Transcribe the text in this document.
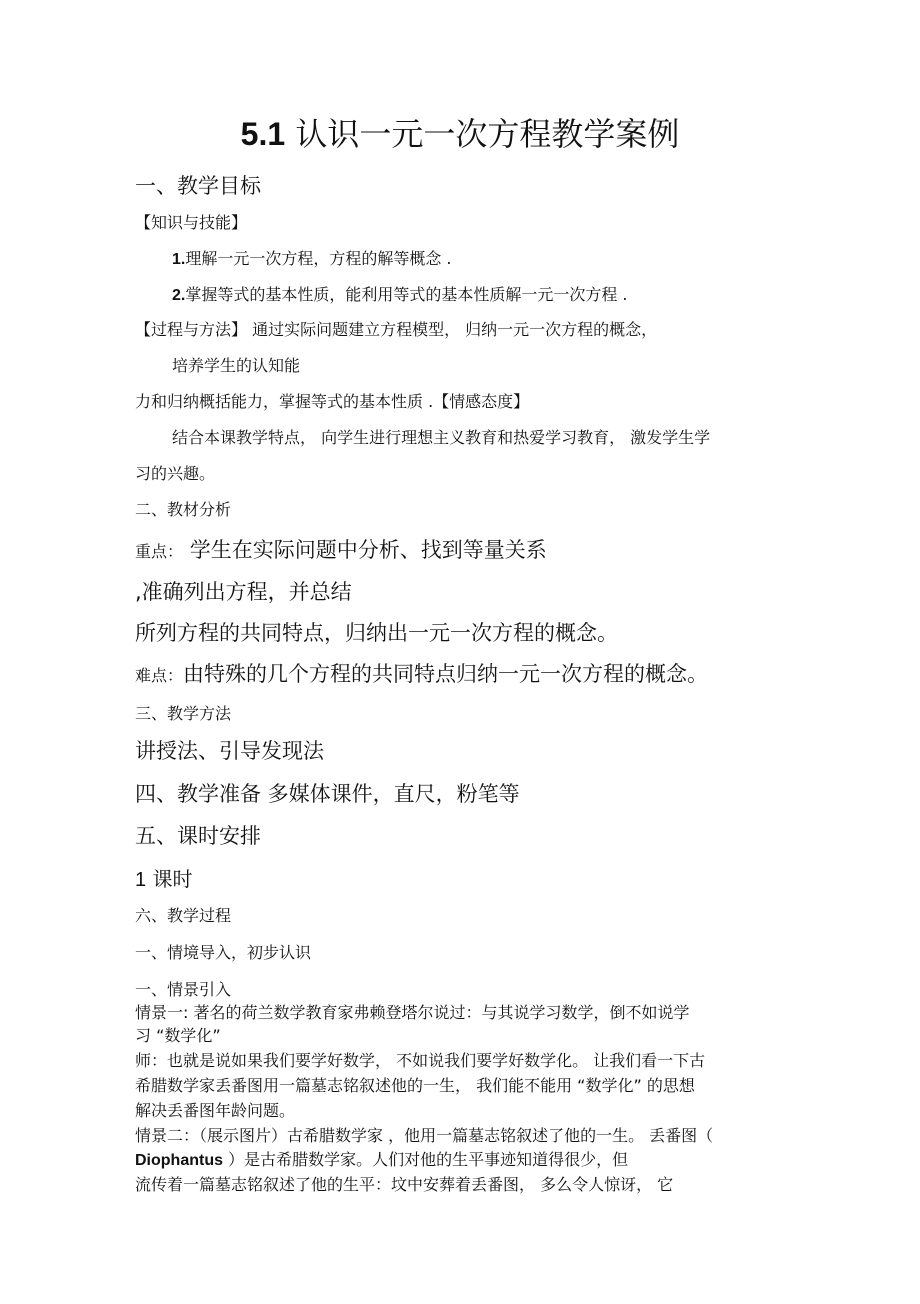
5.1 认识一元一次方程教学案例
一、教学目标
【知识与技能】
1.理解一元一次方程，方程的解等概念 .
2.掌握等式的基本性质，能利用等式的基本性质解一元一次方程 .
【过程与方法】 通过实际问题建立方程模型， 归纳一元一次方程的概念，
培养学生的认知能
力和归纳概括能力，掌握等式的基本性质 .【情感态度】
结合本课教学特点， 向学生进行理想主义教育和热爱学习教育， 激发学生学
习的兴趣。
二、教材分析
重点： 学生在实际问题中分析、找到等量关系
,准确列出方程，并总结
所列方程的共同特点，归纳出一元一次方程的概念。
难点：由特殊的几个方程的共同特点归纳一元一次方程的概念。
三、教学方法
讲授法、引导发现法
四、教学准备 多媒体课件，直尺，粉笔等
五、课时安排
1 课时
六、教学过程
一、情境导入，初步认识
一、情景引入
情景一: 著名的荷兰数学教育家弗赖登塔尔说过：与其说学习数学，倒不如说学
习 “数学化”
师：也就是说如果我们要学好数学， 不如说我们要学好数学化。 让我们看一下古
希腊数学家丢番图用一篇墓志铭叙述他的一生， 我们能不能用 “数学化” 的思想
解决丢番图年龄问题。
情景二：（展示图片）古希腊数学家 ，他用一篇墓志铭叙述了他的一生。 丢番图（
Diophantus ）是古希腊数学家。人们对他的生平事迹知道得很少，但
流传着一篇墓志铭叙述了他的生平：坟中安葬着丢番图， 多么令人惊讶， 它
